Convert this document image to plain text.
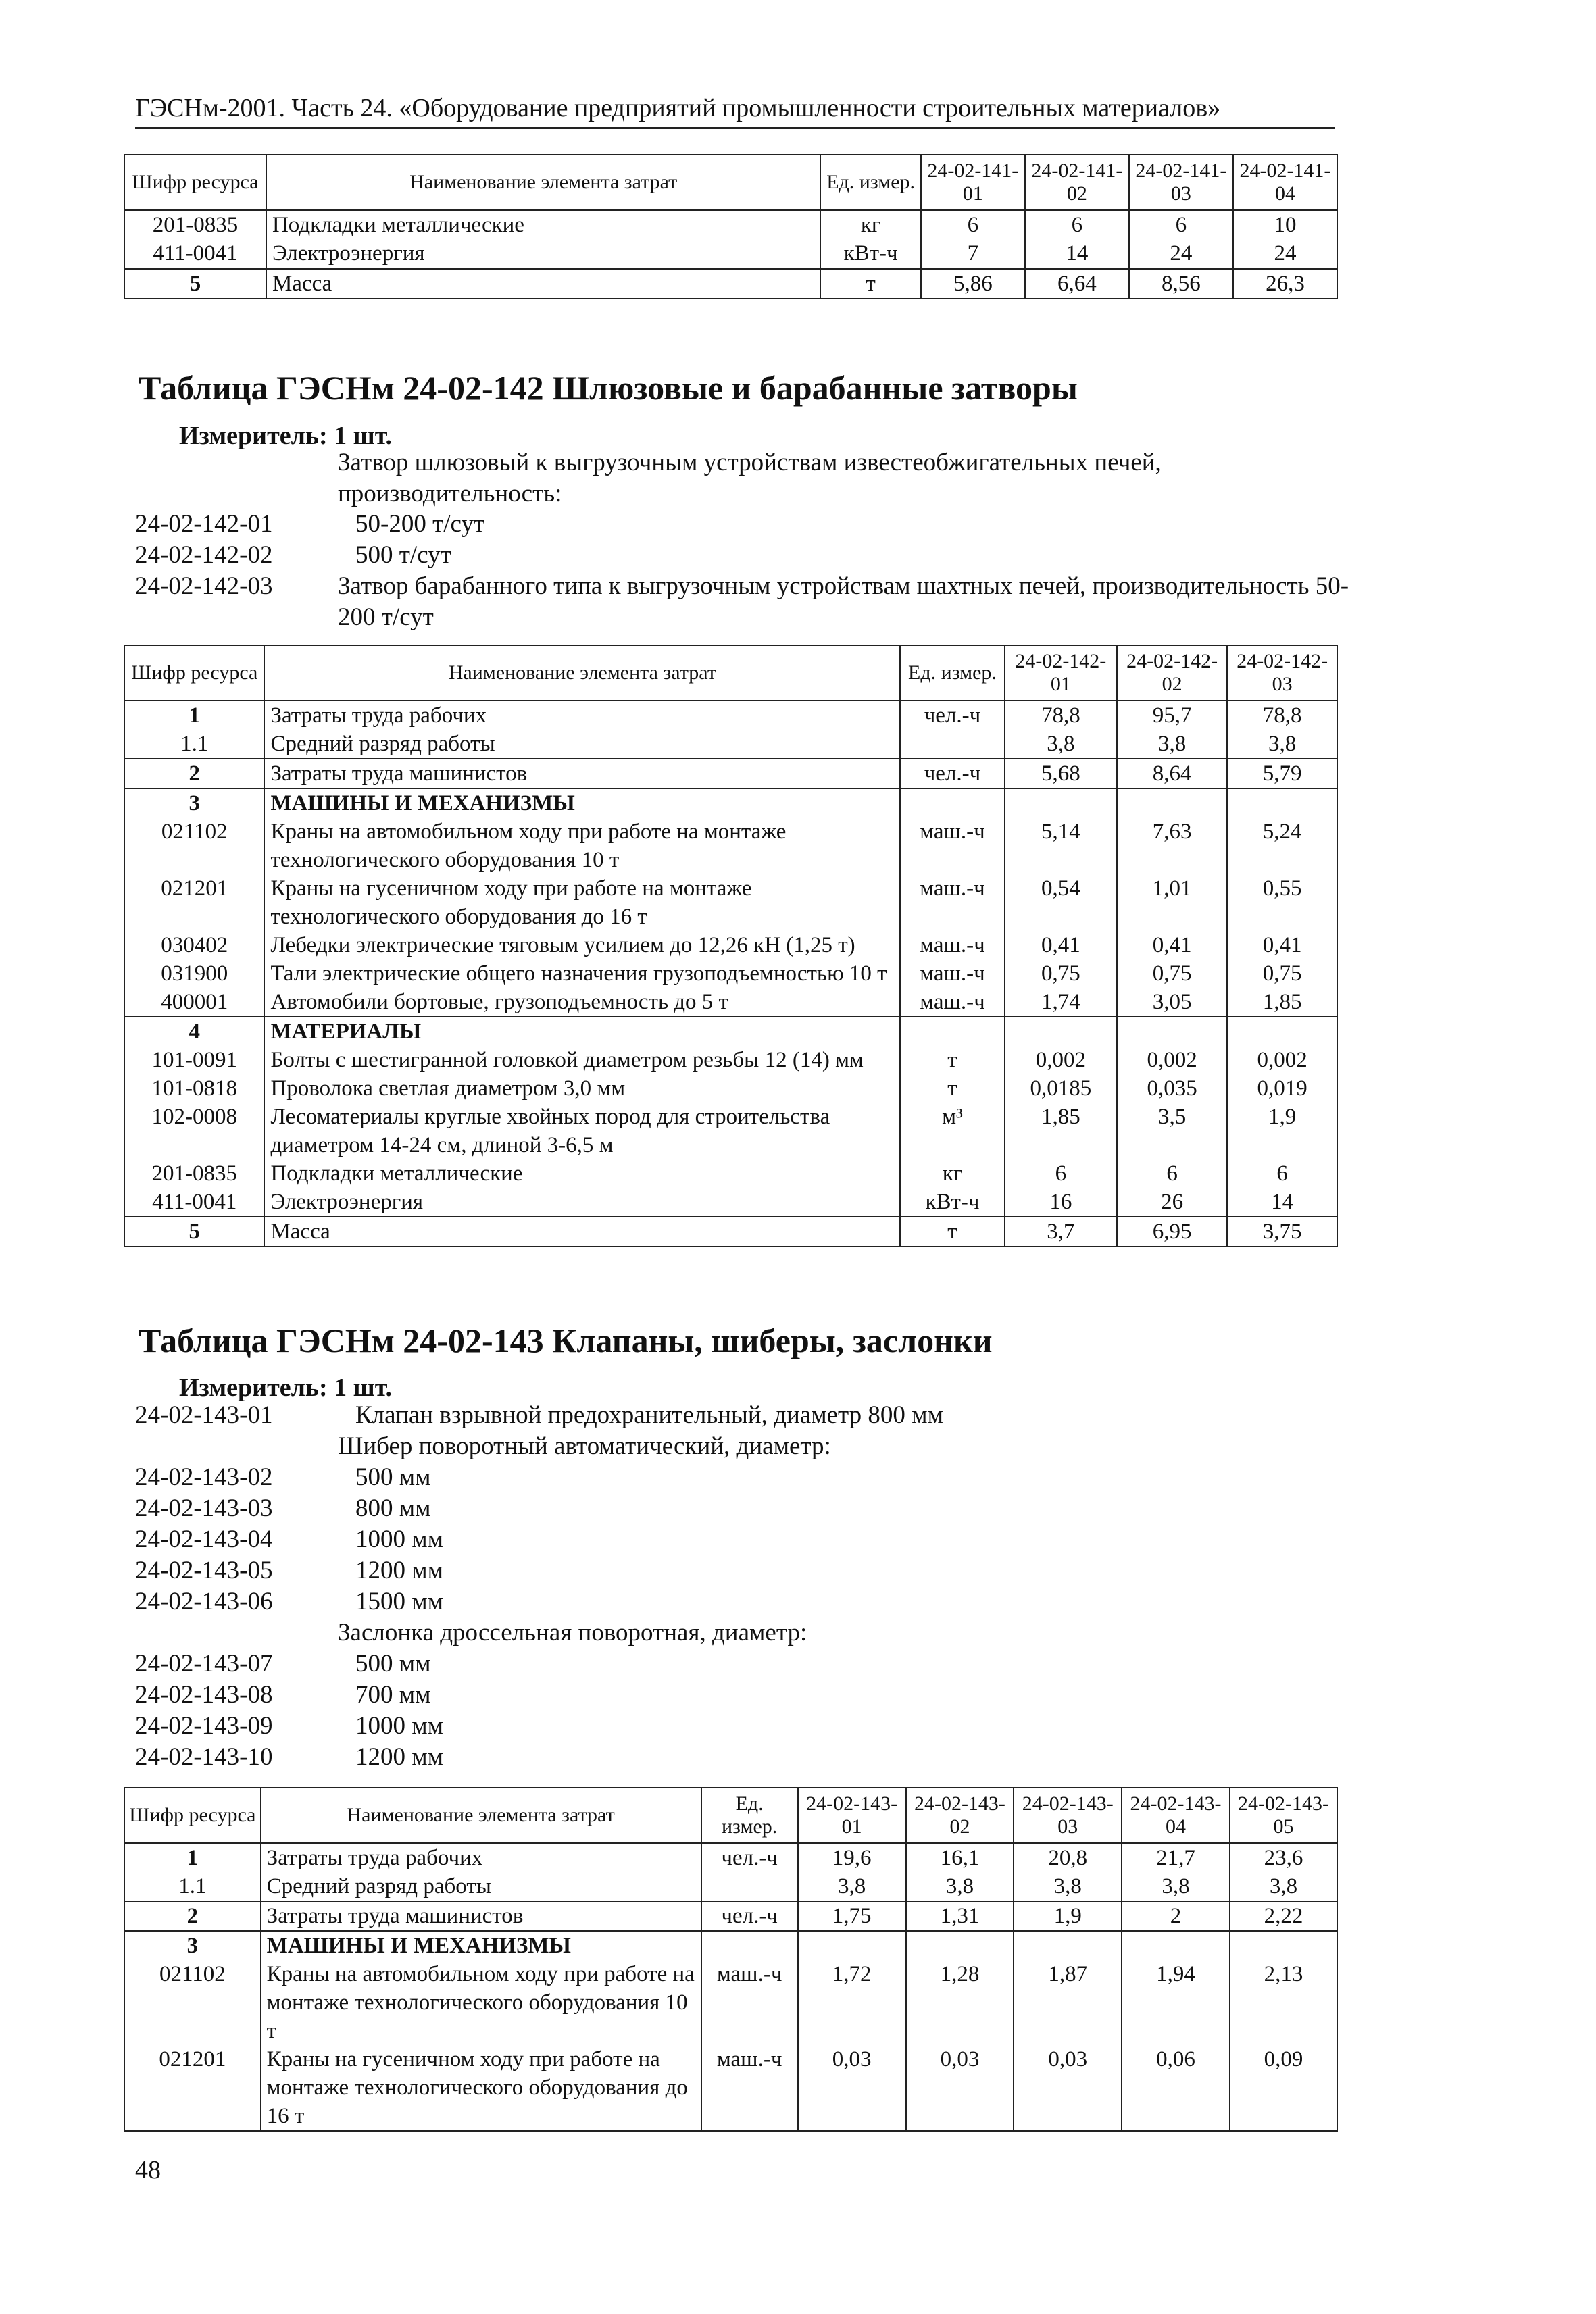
ГЭСНм-2001. Часть 24. «Оборудование предприятий промышленности строительных материалов»
Шифр ресурса	Наименование элемента затрат	Ед. измер.	24-02-141-01	24-02-141-02	24-02-141-03	24-02-141-04
201-0835	Подкладки металлические	кг	6	6	6	10
411-0041	Электроэнергия	кВт-ч	7	14	24	24
5	Масса	т	5,86	6,64	8,56	26,3
Таблица ГЭСНм 24-02-142 Шлюзовые и барабанные затворы
Измеритель: 1 шт.
Затвор шлюзовый к выгрузочным устройствам известеобжигательных печей,
производительность:
24-02-142-01	50-200 т/сут
24-02-142-02	500 т/сут
24-02-142-03	Затвор барабанного типа к выгрузочным устройствам шахтных печей, производительность 50-
200 т/сут
Шифр ресурса	Наименование элемента затрат	Ед. измер.	24-02-142-01	24-02-142-02	24-02-142-03
1	Затраты труда рабочих	чел.-ч	78,8	95,7	78,8
1.1	Средний разряд работы		3,8	3,8	3,8
2	Затраты труда машинистов	чел.-ч	5,68	8,64	5,79
3	МАШИНЫ И МЕХАНИЗМЫ				
021102	Краны на автомобильном ходу при работе на монтаже технологического оборудования 10 т	маш.-ч	5,14	7,63	5,24
021201	Краны на гусеничном ходу при работе на монтаже технологического оборудования до 16 т	маш.-ч	0,54	1,01	0,55
030402	Лебедки электрические тяговым усилием до 12,26 кН (1,25 т)	маш.-ч	0,41	0,41	0,41
031900	Тали электрические общего назначения грузоподъемностью 10 т	маш.-ч	0,75	0,75	0,75
400001	Автомобили бортовые, грузоподъемность до 5 т	маш.-ч	1,74	3,05	1,85
4	МАТЕРИАЛЫ				
101-0091	Болты с шестигранной головкой диаметром резьбы 12 (14) мм	т	0,002	0,002	0,002
101-0818	Проволока светлая диаметром 3,0 мм	т	0,0185	0,035	0,019
102-0008	Лесоматериалы круглые хвойных пород для строительства диаметром 14-24 см, длиной 3-6,5 м	м³	1,85	3,5	1,9
201-0835	Подкладки металлические	кг	6	6	6
411-0041	Электроэнергия	кВт-ч	16	26	14
5	Масса	т	3,7	6,95	3,75
Таблица ГЭСНм 24-02-143 Клапаны, шиберы, заслонки
Измеритель: 1 шт.
24-02-143-01	Клапан взрывной предохранительный, диаметр 800 мм
Шибер поворотный автоматический, диаметр:
24-02-143-02	500 мм
24-02-143-03	800 мм
24-02-143-04	1000 мм
24-02-143-05	1200 мм
24-02-143-06	1500 мм
Заслонка дроссельная поворотная, диаметр:
24-02-143-07	500 мм
24-02-143-08	700 мм
24-02-143-09	1000 мм
24-02-143-10	1200 мм
Шифр ресурса	Наименование элемента затрат	Ед. измер.	24-02-143-01	24-02-143-02	24-02-143-03	24-02-143-04	24-02-143-05
1	Затраты труда рабочих	чел.-ч	19,6	16,1	20,8	21,7	23,6
1.1	Средний разряд работы		3,8	3,8	3,8	3,8	3,8
2	Затраты труда машинистов	чел.-ч	1,75	1,31	1,9	2	2,22
3	МАШИНЫ И МЕХАНИЗМЫ						
021102	Краны на автомобильном ходу при работе на монтаже технологического оборудования 10 т	маш.-ч	1,72	1,28	1,87	1,94	2,13
021201	Краны на гусеничном ходу при работе на монтаже технологического оборудования до 16 т	маш.-ч	0,03	0,03	0,03	0,06	0,09
48
